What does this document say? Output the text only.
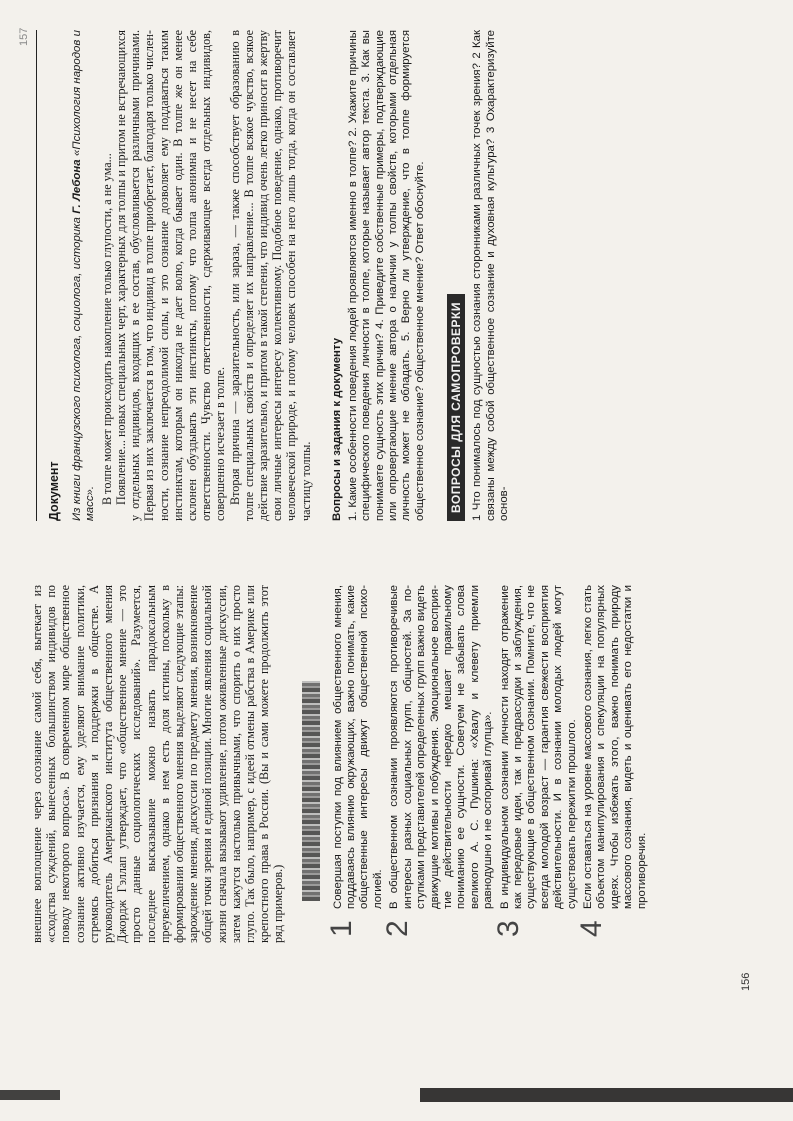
внешнее воплощение через осознание самой себя, вытекает из «сходства суждений, вынесенных большинством индивидов по поводу некоторого вопроса». В современном мире общественное сознание активно изучается, ему уделяют внимание политики, стремясь добиться признания и поддержки в обществе. А руководитель Американского института общественного мнения Джордж Гэллап утверждает, что «общественное мнение — это просто данные социологических исследований». Разумеется, последнее высказывание можно назвать парадоксальным преувеличением, однако в нем есть доля истины, поскольку в формировании общественного мнения выделяют следующие этапы: зарождение мнения, дискуссии по предмету мнения, возникновение общей точки зрения и единой позиции. Многие явления социальной жизни сначала вызывают удивление, потом оживленные дискуссии, затем кажутся настолько привычными, что спорить о них просто глупо. Так было, например, с идеей отмены рабства в Америке или крепостного права в России. (Вы и сами можете продолжить этот ряд примеров.) 1

Совершая поступки под влиянием общественного мнения, поддаваясь влиянию окружающих, важно понимать, какие общественные интересы движут общественной психологией.

2

В общественном сознании проявляются противоречивые интересы разных социальных групп, общностей. За поступками представителей определенных групп важно видеть движущие мотивы и побуждения. Эмоциональное восприятие действительности нередко мешает правильному пониманию ее сущности. Советуем не забывать слова великого А. С. Пушкина: «Хвалу и клевету приемли равнодушно и не оспоривай глупца».

3

В индивидуальном сознании личности находят отражение как передовые идеи, так и предрассудки и заблуждения, существующие в общественном сознании. Помните, что не всегда молодой возраст — гарантия свежести восприятия действительности. И в сознании молодых людей могут существовать пережитки прошлого.

4

Если оставаться на уровне массового сознания, легко стать объектом манипулирования и спекуляции на популярных идеях. Чтобы избежать этого, важно понимать природу массового сознания, видеть и оценивать его недостатки и противоречия.

156
Документ Из книги французского психолога, социолога, историка Г. Лебона «Психология народов и масс». В толпе может происходить накопление только глупости, а не ума... Появление... новых специальных черт, характерных для толпы и притом не встречающихся у отдельных индивидов, входящих в ее состав, обусловливается различными причинами. Первая из них заключается в том, что индивид в толпе приобретает, благодаря только численности, сознание непреодолимой силы, и это сознание дозволяет ему поддаваться таким инстинктам, которым он никогда не дает волю, когда бывает один. В толпе же он менее склонен обуздывать эти инстинкты, потому что толпа анонимна и не несет на себе ответственности. Чувство ответственности, сдерживающее всегда отдельных индивидов, совершенно исчезает в толпе. Вторая причина — заразительность, или зараза, — также способствует образованию в толпе специальных свойств и определяет их направление... В толпе всякое чувство, всякое действие заразительно, и притом в такой степени, что индивид очень легко приносит в жертву свои личные интересы интересу коллективному. Подобное поведение, однако, противоречит человеческой природе, и потому человек способен на него лишь тогда, когда он составляет частицу толпы. Вопросы и задания к документу 1. Какие особенности поведения людей проявляются именно в толпе? 2. Укажите причины специфического поведения личности в толпе, которые называет автор текста. 3. Как вы понимаете сущность этих причин? 4. Приведите собственные примеры, подтверждающие или опровергающие мнение автора о наличии у толпы свойств, которыми отдельная личность может не обладать. 5. Верно ли утверждение, что в толпе формируется общественное сознание? общественное мнение? Ответ обоснуйте. ВОПРОСЫ ДЛЯ САМОПРОВЕРКИ 1 Что понималось под сущностью сознания сторонниками различных точек зрения? 2 Как связаны между собой общественное сознание и духовная культура? 3 Охарактеризуйте основ-

157
